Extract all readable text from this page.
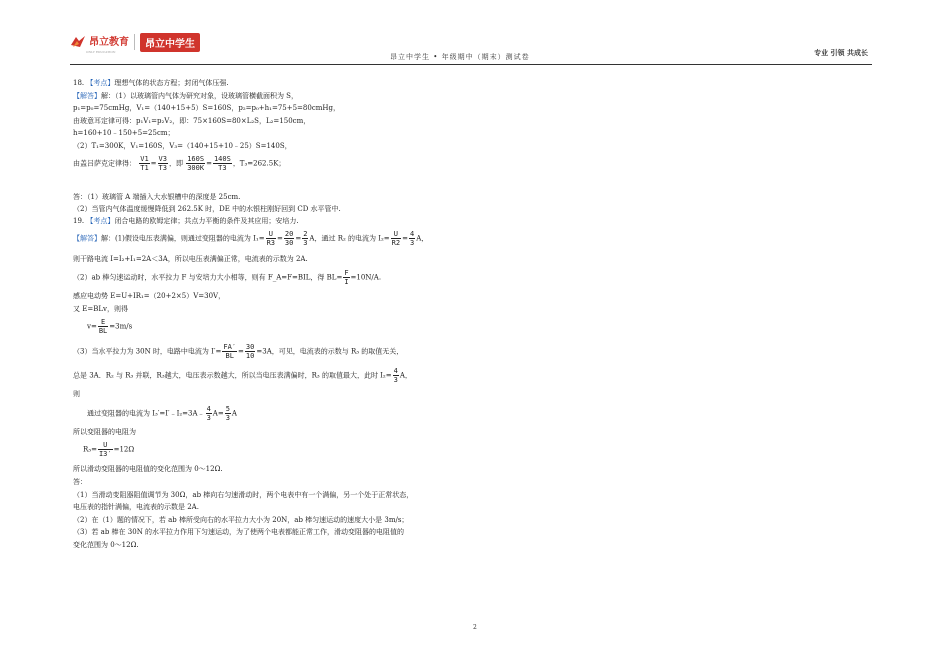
昂立教育
ONLY EDUCATION
昂立中学生
昂立中学生 • 年级期中（期末）测试卷	专业 引领 共成长
18. 【考点】理想气体的状态方程；封闭气体压强.
【解答】解：（1）以玻璃管内气体为研究对象，设玻璃管横截面积为 S，
p₁=p₀=75cmHg，V₁=（140+15+5）S=160S，p₂=p₀+h₁=75+5=80cmHg，
由玻意耳定律可得：p₁V₁=p₂V₂，即：75×160S=80×L₂S，L₂=150cm，
h=160+10﹣150+5=25cm；
（2）T₁=300K，V₁=160S，V₃=（140+15+10﹣25）S=140S，
由盖吕萨克定律得： $\frac{V1}{T1} = \frac{V3}{T3}$ ，即 $\frac{160S}{300K} = \frac{140S}{T3}$ ，T₃=262.5K；
答：（1）玻璃管 A 端插入大水银槽中的深度是 25cm.
（2）当管内气体温度缓慢降低到 262.5K 时，DE 中的水银柱刚好回到 CD 水平管中.
19. 【考点】闭合电路的欧姆定律；共点力平衡的条件及其应用；安培力.
【解答】解：(1)假设电压表满偏，则通过变阻器的电流为 $I_1= \frac{U}{R3} = \frac{20}{30} = \frac{2}{3}$ A，通过 R₂ 的电流为 $I_2= \frac{U}{R2} = \frac{4}{3}$ A，
则干路电流 I=I₂+I₁=2A＜3A，所以电压表满偏正常，电流表的示数为 2A.
（2）ab 棒匀速运动时，水平拉力 F 与安培力大小相等，则有 F_A=F=BIL，得 $BL= \frac{F}{I} =10N/A$.
感应电动势 E=U+IR₁=（20+2×5）V=30V，
又 E=BLv，则得
$v= \frac{E}{BL} =3m/s$
（3）当水平拉力为 30N 时，电路中电流为 $I'= \frac{FA'}{BL} = \frac{30}{10} =3A$，可见，电流表的示数与 R₃ 的取值无关，
总是 3A．R₂ 与 R₃ 并联，R₃越大，电压表示数越大，所以当电压表满偏时，R₃ 的取值最大，此时 $I_2= \frac{4}{3}$ A，
则
通过变阻器的电流为 I₃′=I′﹣I₂=3A﹣ $\frac{4}{3} A= \frac{5}{3}$ A
所以变阻器的电阻为
$R_3= \frac{U}{I3'} =12\Omega$
所以滑动变阻器的电阻值的变化范围为 0～12Ω.
答：
（1）当滑动变阻器阻值调节为 30Ω，ab 棒向右匀速滑动时，两个电表中有一个满偏，另一个处于正常状态，
电压表的指针满偏，电流表的示数是 2A.
（2）在（1）题的情况下，若 ab 棒所受向右的水平拉力大小为 20N，ab 棒匀速运动的速度大小是 3m/s；
（3）若 ab 棒在 30N 的水平拉力作用下匀速运动，为了使两个电表都能正常工作，滑动变阻器的电阻值的
变化范围为 0～12Ω.
2
